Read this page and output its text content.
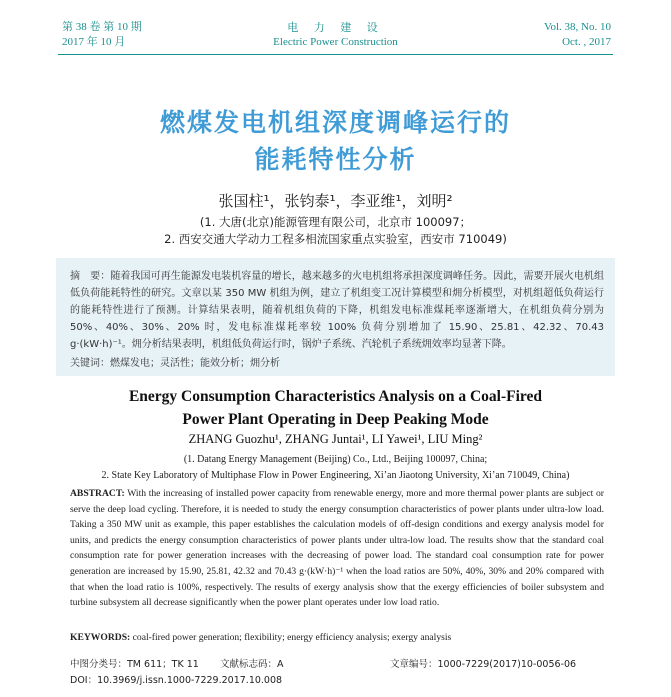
第 38 卷 第 10 期
2017 年 10 月
电 力 建 设
Electric Power Construction
Vol. 38, No. 10
Oct. , 2017
燃煤发电机组深度调峰运行的
能耗特性分析
张国柱¹，张钧泰¹，李亚维¹，刘明²
(1. 大唐(北京)能源管理有限公司，北京市 100097；
2. 西安交通大学动力工程多相流国家重点实验室，西安市 710049)
摘　要：随着我国可再生能源发电装机容量的增长，越来越多的火电机组将承担深度调峰任务。因此，需要开展火电机组低负荷能耗特性的研究。文章以某 350 MW 机组为例，建立了机组变工况计算模型和㶲分析模型，对机组超低负荷运行的能耗特性进行了预测。计算结果表明，随着机组负荷的下降，机组发电标准煤耗率逐渐增大，在机组负荷分别为 50%、40%、30%、20% 时，发电标准煤耗率较 100% 负荷分别增加了 15.90、25.81、42.32、70.43 g·(kW·h)⁻¹。㶲分析结果表明，机组低负荷运行时，锅炉子系统、汽轮机子系统㶲效率均显著下降。
关键词：燃煤发电；灵活性；能效分析；㶲分析
Energy Consumption Characteristics Analysis on a Coal-Fired
Power Plant Operating in Deep Peaking Mode
ZHANG Guozhu¹, ZHANG Juntai¹, LI Yawei¹, LIU Ming²
(1. Datang Energy Management (Beijing) Co., Ltd., Beijing 100097, China;
2. State Key Laboratory of Multiphase Flow in Power Engineering, Xi’an Jiaotong University, Xi’an 710049, China)
ABSTRACT: With the increasing of installed power capacity from renewable energy, more and more thermal power plants are subject or serve the deep load cycling. Therefore, it is needed to study the energy consumption characteristics of power plants under ultra-low load. Taking a 350 MW unit as example, this paper establishes the calculation models of off-design conditions and exergy analysis model for units, and predicts the energy consumption characteristics of power plants under ultra-low load. The results show that the standard coal consumption rate for power generation increases with the decreasing of power load. The standard coal consumption rate for power generation are increased by 15.90, 25.81, 42.32 and 70.43 g·(kW·h)⁻¹ when the load ratios are 50%, 40%, 30% and 20% compared with that when the load ratio is 100%, respectively. The results of exergy analysis show that the exergy efficiencies of boiler subsystem and turbine subsystem all decrease significantly when the power plant operates under low load ratio.
KEYWORDS: coal-fired power generation; flexibility; energy efficiency analysis; exergy analysis
中图分类号：TM 611；TK 11 文献标志码：A	文章编号：1000-7229(2017)10-0056-06
DOI：10.3969/j.issn.1000-7229.2017.10.008
